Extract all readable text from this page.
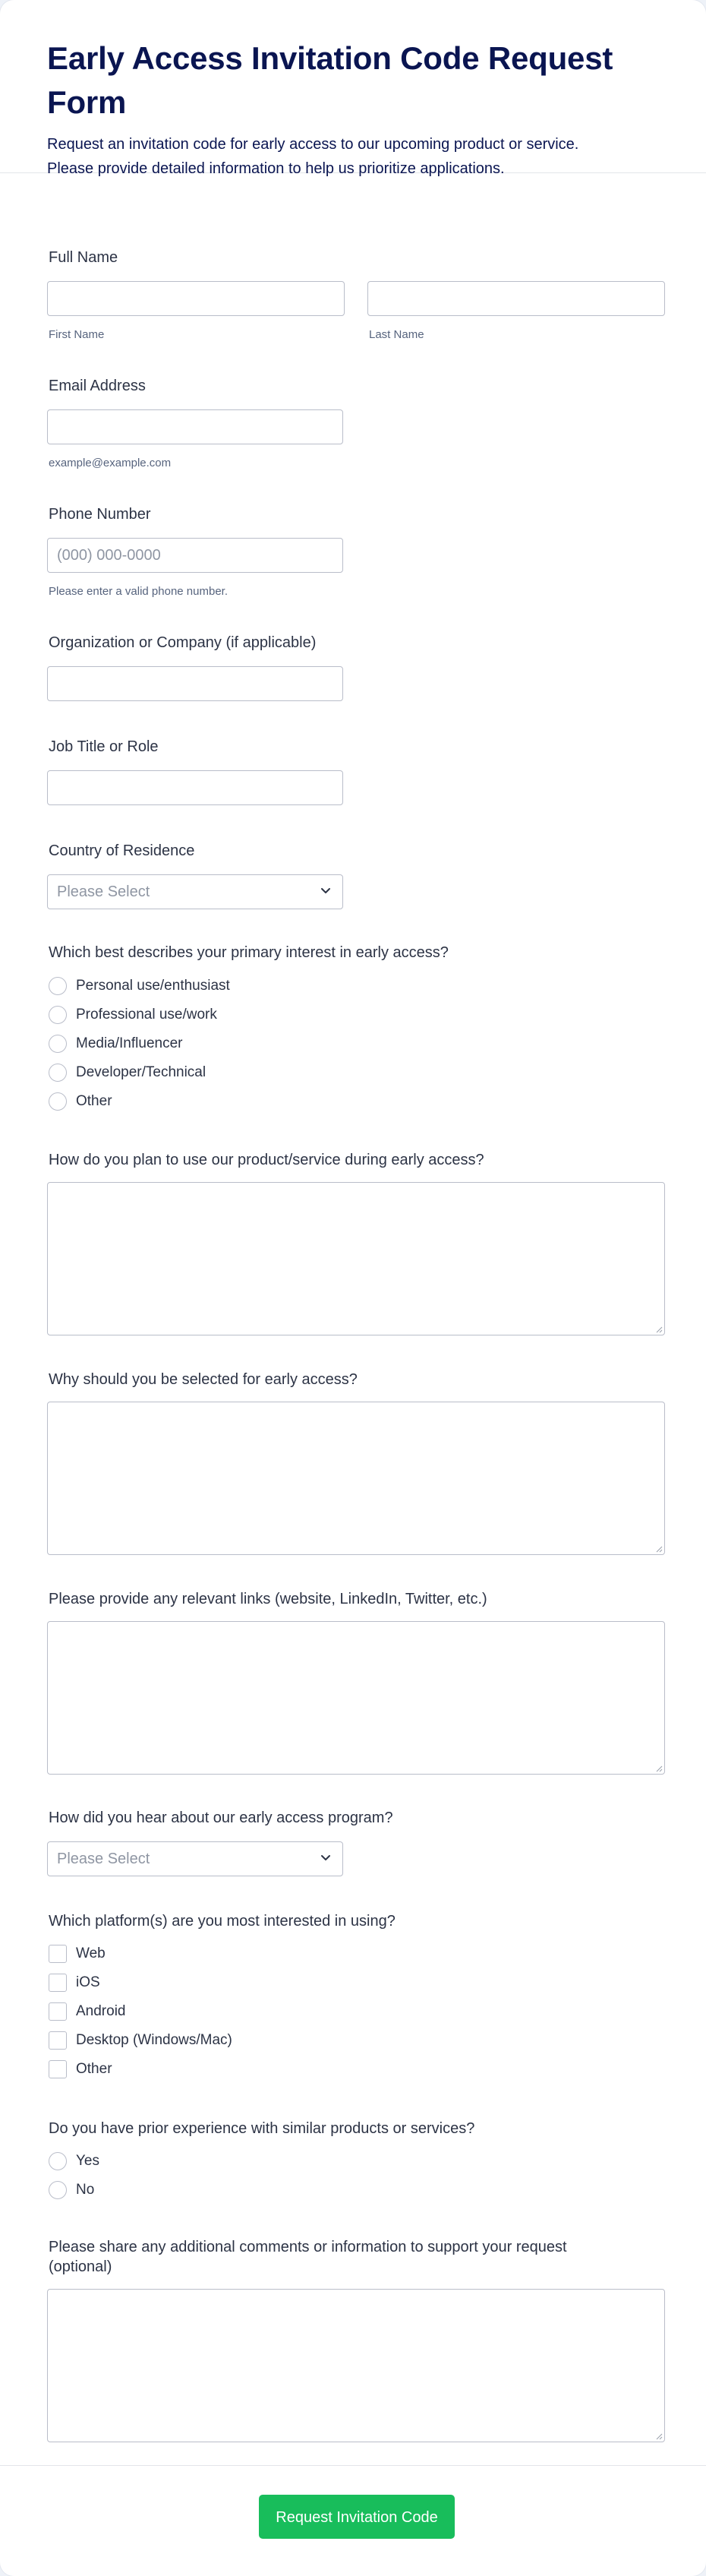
Early Access Invitation Code Request Form

Request an invitation code for early access to our upcoming product or service.
Please provide detailed information to help us prioritize applications.

Full Name
First Name	Last Name
Email Address
example@example.com
Phone Number
(000) 000-0000
Please enter a valid phone number.
Organization or Company (if applicable)
Job Title or Role
Country of Residence
Please Select
Which best describes your primary interest in early access?
Personal use/enthusiast
Professional use/work
Media/Influencer
Developer/Technical
Other
How do you plan to use our product/service during early access?
Why should you be selected for early access?
Please provide any relevant links (website, LinkedIn, Twitter, etc.)
How did you hear about our early access program?
Please Select
Which platform(s) are you most interested in using?
Web
iOS
Android
Desktop (Windows/Mac)
Other
Do you have prior experience with similar products or services?
Yes
No
Please share any additional comments or information to support your request
(optional)
Request Invitation Code
